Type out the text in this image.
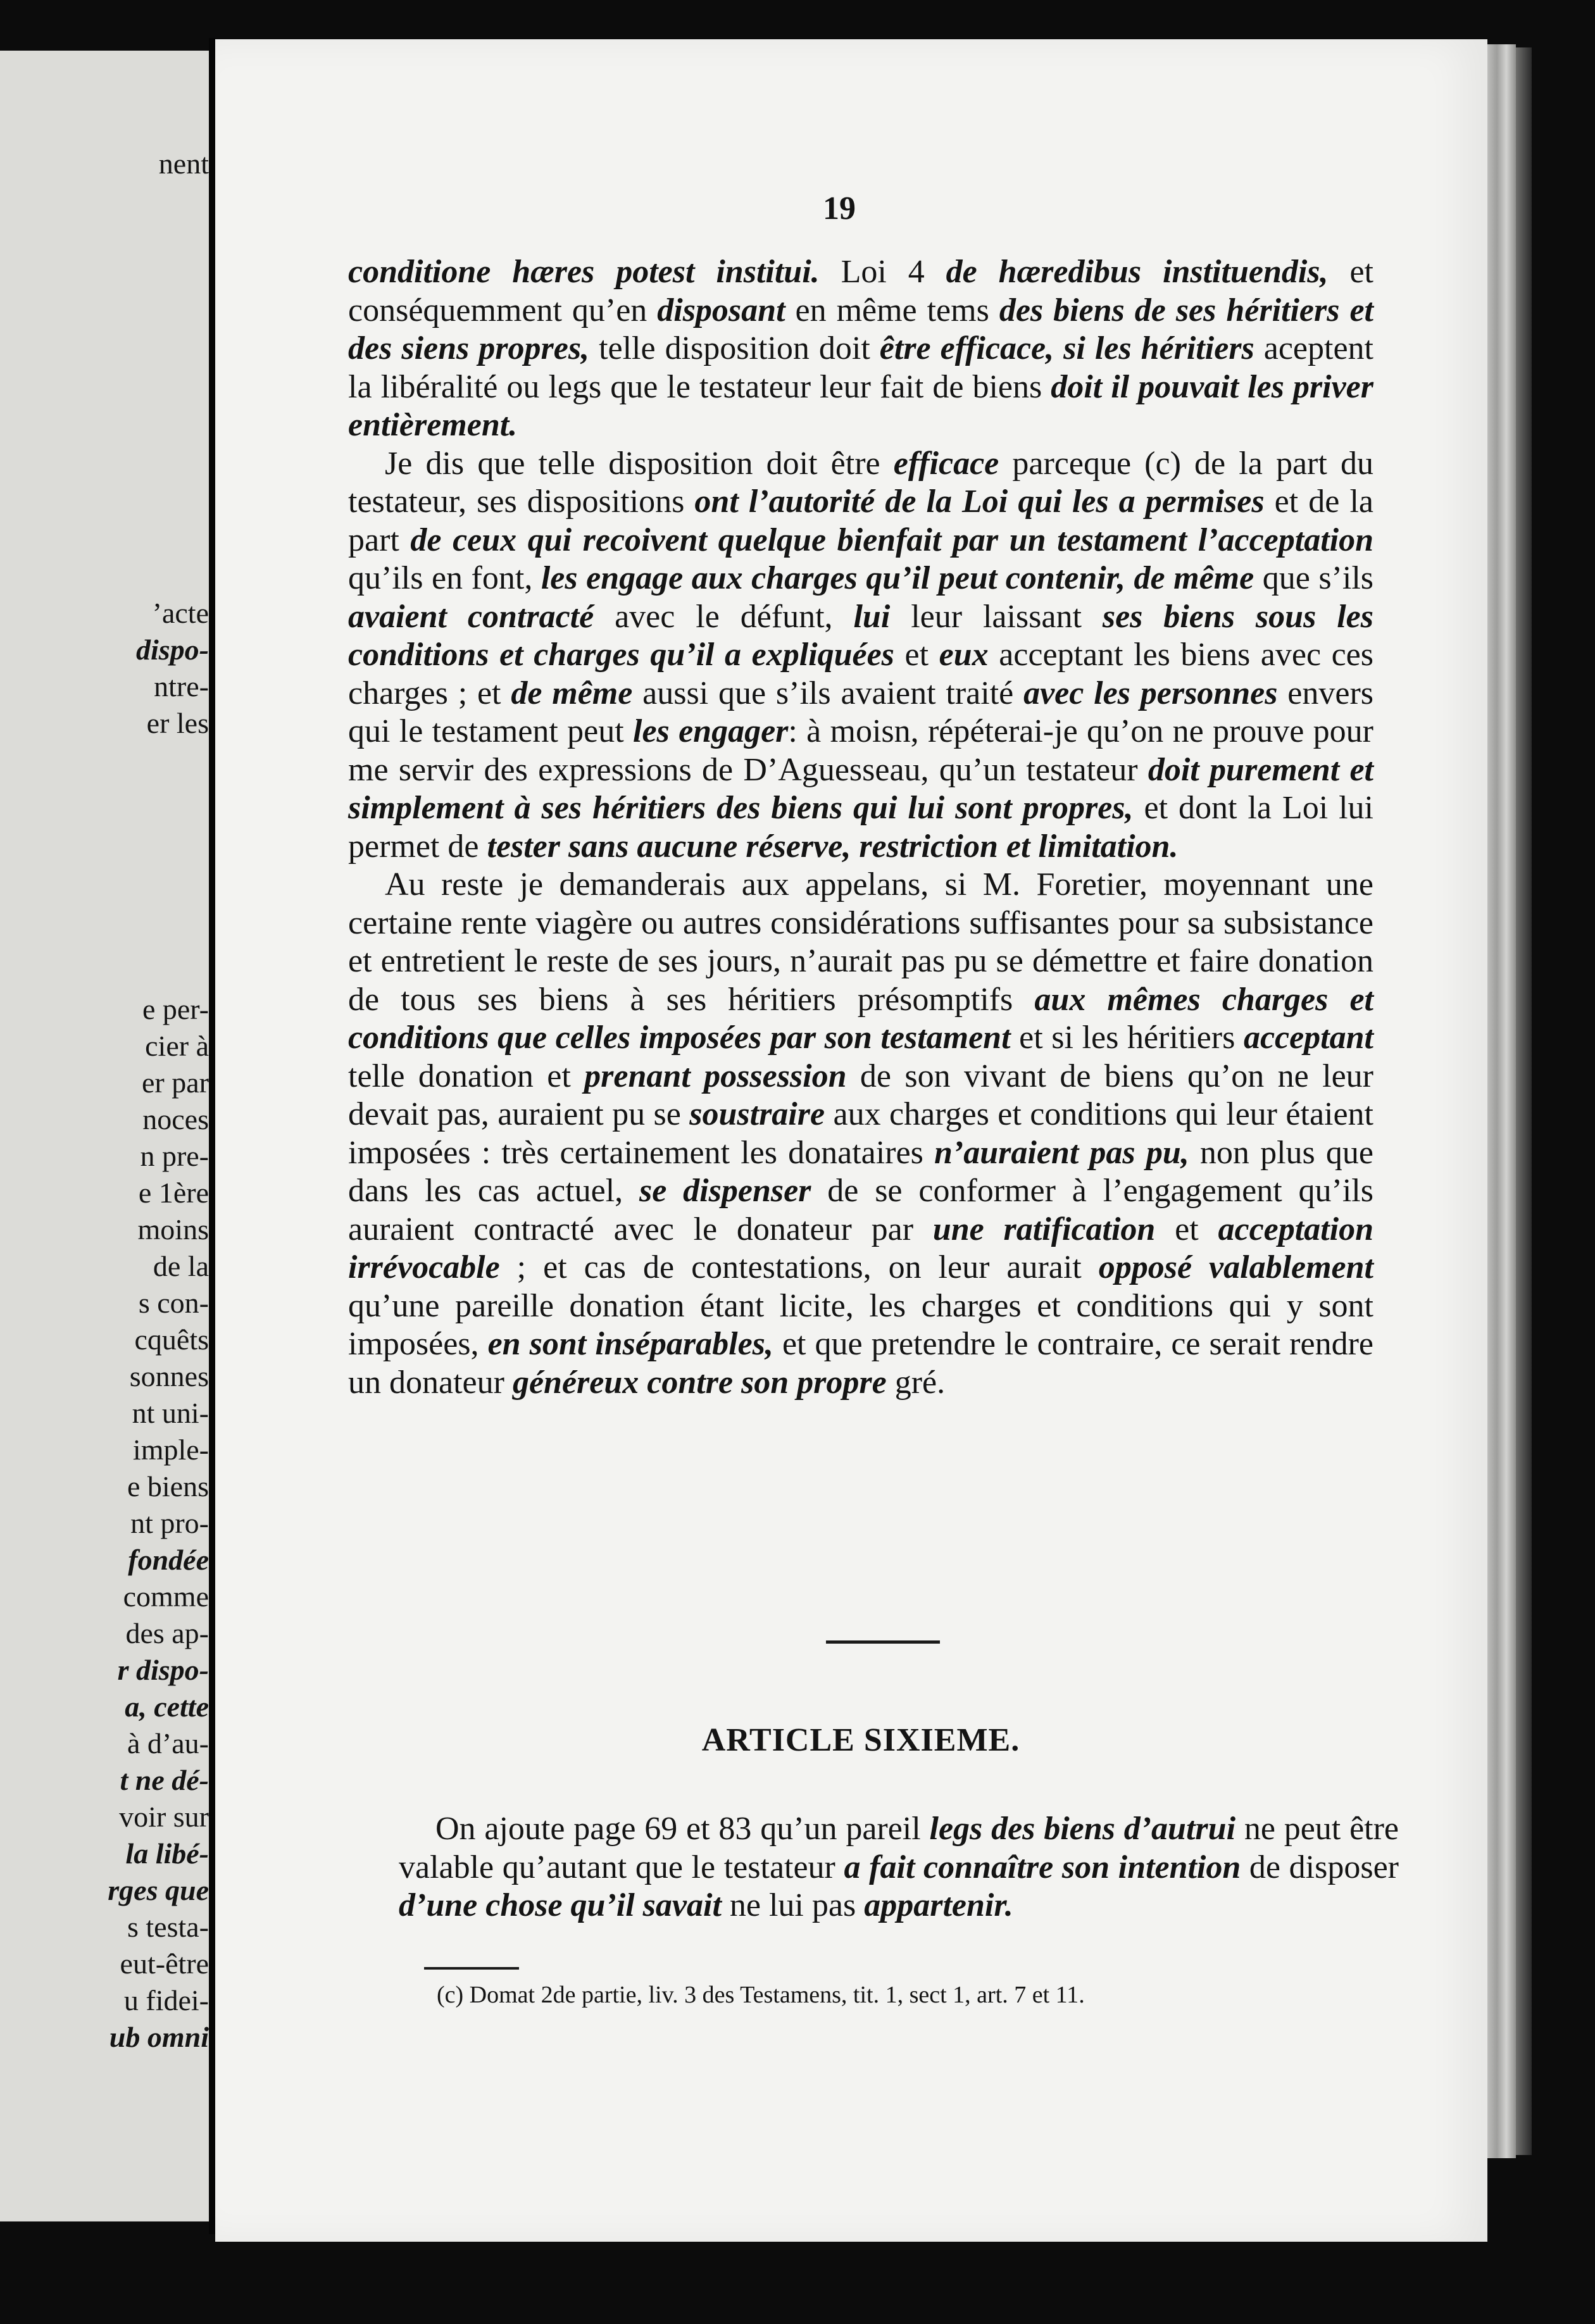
nent
’acte
dispo-
ntre-
er les
e per-
cier à
er par
noces
n pre-
e 1ère
moins
de la
s con-
cquêts
sonnes
nt uni-
imple-
e biens
nt pro-
fondée
comme
des ap-
r dispo-
a, cette
à d’au-
t ne dé-
voir sur
la libé-
rges que
s testa-
eut-être
u fidei-
ub omni
19

conditione hæres potest institui. Loi 4 de hæredibus instituendis, et conséquemment qu’en disposant en même tems des biens de ses héritiers et des siens propres, telle disposition doit être efficace, si les héritiers aceptent la libéralité ou legs que le testateur leur fait de biens doit il pouvait les priver entièrement.

Je dis que telle disposition doit être efficace parceque (c) de la part du testateur, ses dispositions ont l’autorité de la Loi qui les a permises et de la part de ceux qui recoivent quelque bienfait par un testament l’acceptation qu’ils en font, les engage aux charges qu’il peut contenir, de même que s’ils avaient contracté avec le défunt, lui leur laissant ses biens sous les conditions et charges qu’il a expliquées et eux acceptant les biens avec ces charges ; et de même aussi que s’ils avaient traité avec les personnes envers qui le testament peut les engager: à moisn, répéterai-je qu’on ne prouve pour me servir des expressions de D’Aguesseau, qu’un testateur doit purement et simplement à ses héritiers des biens qui lui sont propres, et dont la Loi lui permet de tester sans aucune réserve, restriction et limitation.

Au reste je demanderais aux appelans, si M. Foretier, moyennant une certaine rente viagère ou autres considérations suffisantes pour sa subsistance et entretient le reste de ses jours, n’aurait pas pu se démettre et faire donation de tous ses biens à ses héritiers présomptifs aux mêmes charges et conditions que celles imposées par son testament et si les héritiers acceptant telle donation et prenant possession de son vivant de biens qu’on ne leur devait pas, auraient pu se soustraire aux charges et conditions qui leur étaient imposées : très certainement les donataires n’auraient pas pu, non plus que dans les cas actuel, se dispenser de se conformer à l’engagement qu’ils auraient contracté avec le donateur par une ratification et acceptation irrévocable ; et cas de contestations, on leur aurait opposé valablement qu’une pareille donation étant licite, les charges et conditions qui y sont imposées, en sont inséparables, et que pretendre le contraire, ce serait rendre un donateur généreux contre son propre gré.

ARTICLE SIXIEME.

On ajoute page 69 et 83 qu’un pareil legs des biens d’autrui ne peut être valable qu’autant que le testateur a fait connaître son intention de disposer d’une chose qu’il savait ne lui pas appartenir.

(c) Domat 2de partie, liv. 3 des Testamens, tit. 1, sect 1, art. 7 et 11.
